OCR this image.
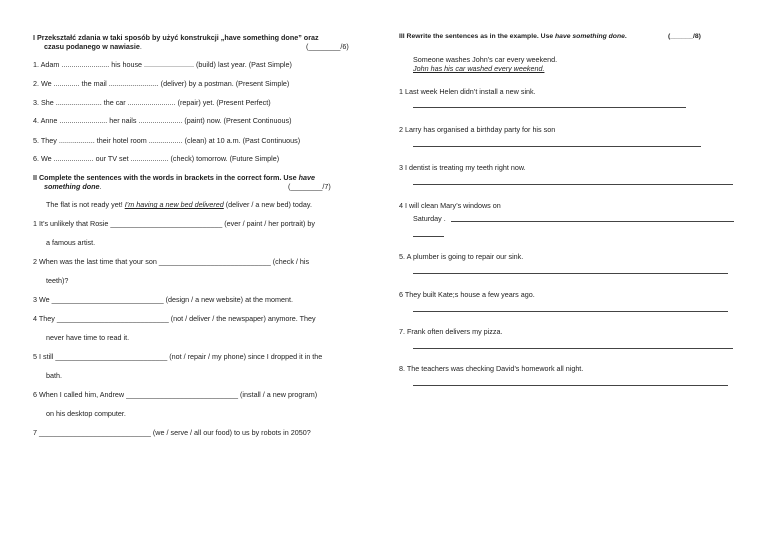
I Przekształć zdania w taki sposób by użyć konstrukcji „have something done” oraz
czasu podanego w nawiasie.	(________/6)
1. Adam ........................ his house ......................... (build) last year. (Past Simple)
2. We ............. the mail ......................... (deliver) by a postman. (Present Simple)
3. She ....................... the car ........................ (repair) yet. (Present Perfect)
4. Anne ........................ her nails ...................... (paint) now. (Present Continuous)
5. They .................. their hotel room ................. (clean) at 10 a.m. (Past Continuous)
6. We .................... our TV set ................... (check) tomorrow. (Future Simple)
II Complete the sentences with the words in brackets in the correct form. Use have
something done.	(________/7)
The flat is not ready yet! I’m having a new bed delivered (deliver / a new bed) today.
1 It’s unlikely that Rosie ____________________________ (ever / paint / her portrait) by
a famous artist.
2 When was the last time that your son ____________________________ (check / his
teeth)?
3 We ____________________________ (design / a new website) at the moment.
4 They ____________________________ (not / deliver / the newspaper) anymore. They
never have time to read it.
5 I still ____________________________ (not / repair / my phone) since I dropped it in the
bath.
6 When I called him, Andrew ____________________________ (install / a new program)
on his desktop computer.
7 ____________________________ (we / serve / all our food) to us by robots in 2050?
III Rewrite the sentences as in the example. Use have something done.	(______/8)
Someone washes John’s car every weekend.
John has his car washed every weekend.
1 Last week Helen didn’t install a new sink.
2 Larry has organised a birthday party for his son
3 I dentist is treating my teeth right now.
4 I will clean Mary’s windows on
Saturday .
5. A plumber is going to repair our sink.
6 They built Kate;s house a few years ago.
7. Frank often delivers my pizza.
8. The teachers was checking David’s homework all night.
